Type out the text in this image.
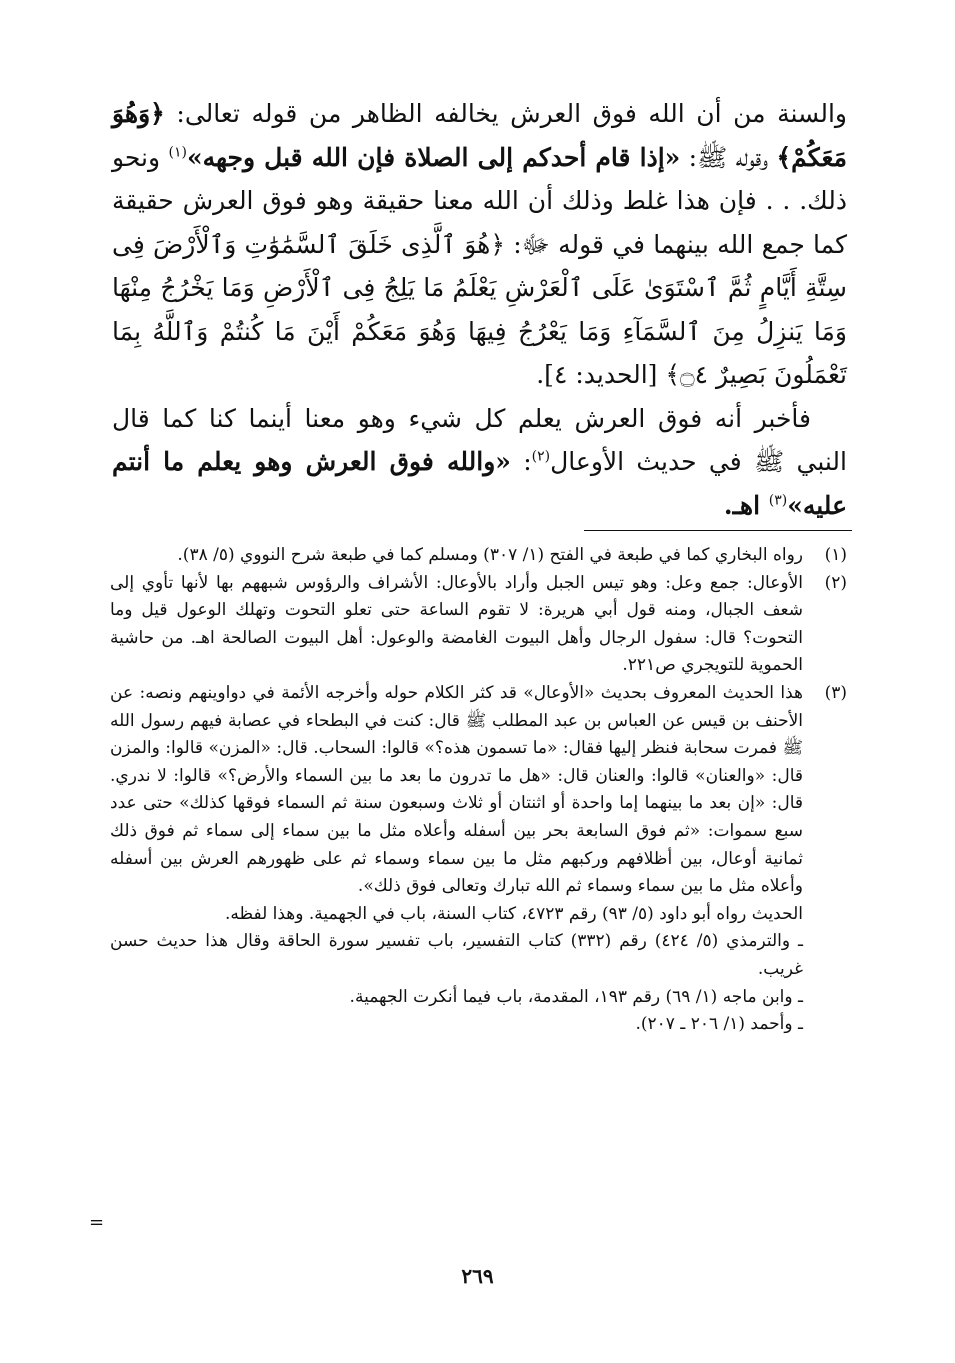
والسنة من أن الله فوق العرش يخالفه الظاهر من قوله تعالى: ﴿وَهُوَ مَعَكُمْ﴾ وقوله ﷺ: «إذا قام أحدكم إلى الصلاة فإن الله قبل وجهه»$^{(١)}$ ونحو ذلك. . . فإن هذا غلط وذلك أن الله معنا حقيقة وهو فوق العرش حقيقة كما جمع الله بينهما في قوله ﷻ: ﴿هُوَ ٱلَّذِى خَلَقَ ٱلسَّمَٰوَٰتِ وَٱلْأَرْضَ فِى سِتَّةِ أَيَّامٍ ثُمَّ ٱسْتَوَىٰ عَلَى ٱلْعَرْشِ يَعْلَمُ مَا يَلِجُ فِى ٱلْأَرْضِ وَمَا يَخْرُجُ مِنْهَا وَمَا يَنزِلُ مِنَ ٱلسَّمَآءِ وَمَا يَعْرُجُ فِيهَا وَهُوَ مَعَكُمْ أَيْنَ مَا كُنتُمْ وَٱللَّهُ بِمَا تَعْمَلُونَ بَصِيرٌ ۝٤﴾ [الحديد: ٤].

فأخبر أنه فوق العرش يعلم كل شيء وهو معنا أينما كنا كما قال النبي ﷺ في حديث الأوعال$^{(٢)}$: «والله فوق العرش وهو يعلم ما أنتم عليه»$^{(٣)}$ اهـ.

(١)
رواه البخاري كما في طبعة في الفتح (١/ ٣٠٧) ومسلم كما في طبعة شرح النووي (٥/ ٣٨).
(٢)
الأوعال: جمع وعل: وهو تيس الجبل وأراد بالأوعال: الأشراف والرؤوس شبههم بها لأنها تأوي إلى شعف الجبال، ومنه قول أبي هريرة: لا تقوم الساعة حتى تعلو التحوت وتهلك الوعول قيل وما التحوت؟ قال: سفول الرجال وأهل البيوت الغامضة والوعول: أهل البيوت الصالحة اهـ. من حاشية الحموية للتويجري ص٢٢١.
(٣)
هذا الحديث المعروف بحديث «الأوعال» قد كثر الكلام حوله وأخرجه الأئمة في دواوينهم ونصه: عن الأحنف بن قيس عن العباس بن عبد المطلب ﷺ قال: كنت في البطحاء في عصابة فيهم رسول الله ﷺ فمرت سحابة فنظر إليها فقال: «ما تسمون هذه؟» قالوا: السحاب. قال: «المزن» قالوا: والمزن قال: «والعنان» قالوا: والعنان قال: «هل ما تدرون ما بعد ما بين السماء والأرض؟» قالوا: لا ندري. قال: «إن بعد ما بينهما إما واحدة أو اثنتان أو ثلاث وسبعون سنة ثم السماء فوقها كذلك» حتى عدد سبع سموات: «ثم فوق السابعة بحر بين أسفله وأعلاه مثل ما بين سماء إلى سماء ثم فوق ذلك ثمانية أوعال، بين أظلافهم وركبهم مثل ما بين سماء وسماء ثم على ظهورهم العرش بين أسفله وأعلاه مثل ما بين سماء وسماء ثم الله تبارك وتعالى فوق ذلك».
الحديث رواه أبو داود (٥/ ٩٣) رقم ٤٧٢٣، كتاب السنة، باب في الجهمية. وهذا لفظه.
ـ والترمذي (٥/ ٤٢٤) رقم (٣٣٢) كتاب التفسير، باب تفسير سورة الحاقة وقال هذا حديث حسن غريب.
ـ وابن ماجه (١/ ٦٩) رقم ١٩٣، المقدمة، باب فيما أنكرت الجهمية.
ـ وأحمد (١/ ٢٠٦ ـ ٢٠٧).
=
٢٦٩
